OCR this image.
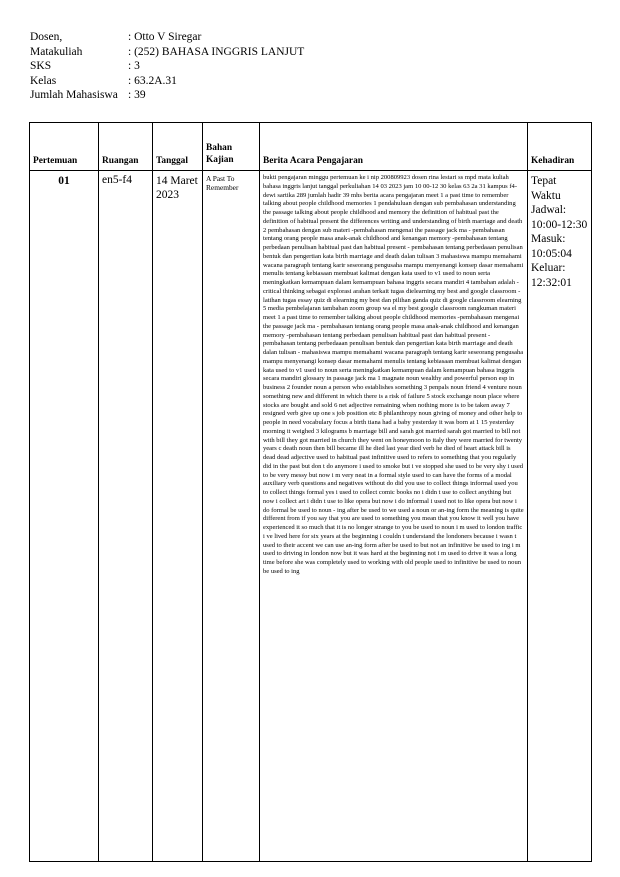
Dosen,	: Otto V Siregar
Matakuliah	: (252) BAHASA INGGRIS LANJUT
SKS	: 3
Kelas	: 63.2A.31
Jumlah Mahasiswa : 39
Pertemuan	Ruangan	Tanggal	Bahan Kajian	Berita Acara Pengajaran	Kehadiran
01	en5-f4	14 Maret 2023	A Past To Remember	bukti pengajaran minggu pertemuan ke i nip 200809923 dosen rina lestari ss mpd mata kuliah bahasa inggris lanjut tanggal perkuliahan 14 03 2023 jam 10 00-12 30 kelas 63 2a 31 kampus f4-dewi sartika 289 jumlah hadir 39 mhs berita acara pengajaran meet 1 a past time to remember talking about people childhood memories 1 pendahuluan dengan sub pembahasan understanding the passage talking about people childhood and memory the definition of habitual past the definition of habitual present the differences writing and understanding of birth marriage and death 2 pembahasan dengan sub materi -pembahasan mengenai the passage jack ma - pembahasan tentang orang people masa anak-anak childhood and kenangan memory -pembahasan tentang perbedaan penulisan habitual past dan habitual present - pembahasan tentang perbedaaan penulisan bentuk dan pengertian kata birth marriage and death dalan tulisan 3 mahasiswa mampu memahami wacana paragraph tentang karir seseorang pengusaha mampu menyenangi konsep dasar memahami menulis tentang kebiasaan membuat kalimat dengan kata used to v1 used to noun serta meningkatkan kemampuan dalam kemampuan bahasa inggris secara mandiri 4 tambahan adalah -critical thinking sebagai explorasi arahan terkait tugas dielearning my best and google classroom -latihan tugas essay quiz di elearning my best dan pilihan ganda quiz di google classroom elearning 5 media pembelajaran tambahan zoom group wa el my best google classroom rangkuman materi meet 1 a past time to remember talking about people childhood memories -pembahasan mengenai the passage jack ma - pembahasan tentang orang people masa anak-anak childhood and kenangan memory -pembahasan tentang perbedaan penulisan habitual past dan habitual present - pembahasan tentang perbedaaan penulisan bentuk dan pengertian kata birth marriage and death dalan tulisan - mahasiswa mampu memahami wacana paragraph tentang karir seseorang pengusaha mampu menyenangi konsep dasar memahami menulis tentang kebiasaan membuat kalimat dengan kata used to v1 used to noun serta meningkatkan kemampuan dalam kemampuan bahasa inggris secara mandiri glossary in passage jack ma 1 magnate noun wealthy and powerful person esp in business 2 founder noun a person who establishes something 3 penpals noun friend 4 venture noun something new and different in which there is a risk of failure 5 stock exchange noun place where stocks are bought and sold 6 net adjective remaining when nothing more is to be taken away 7 resigned verb give up one s job position etc 8 philanthropy noun giving of money and other help to people in need vocabulary focus a birth tiana had a baby yesterday it was born at 1 15 yesterday morning it weighed 3 kilograms b marriage bill and sarah got married sarah got married to bill not with bill they got married in church they went on honeymoon to italy they were married for twenty years c death noun then bill became ill he died last year died verb he died of heart attack bill is dead dead adjective used to habitual past infinitive used to refers to something that you regularly did in the past but don t do anymore i used to smoke but i ve stopped she used to be very shy i used to be very messy but now i m very neat in a formal style used to can have the forms of a modal auxiliary verb questions and negatives without do did you use to collect things informal used you to collect things formal yes i used to collect comic books no i didn t use to collect anything but now i collect art i didn t use to like opera but now i do informal i used not to like opera but now i do formal be used to noun - ing after be used to we used a noun or an-ing form the meaning is quite different from if you say that you are used to something you mean that you know it well you have experienced it so much that it is no longer strange to you be used to noun i m used to london traffic i ve lived here for six years at the beginning i couldn t understand the londoners because i wasn t used to their accent we can use an-ing form after be used to but not an infinitive be used to ing i m used to driving in london now but it was hard at the beginning not i m used to drive it was a long time before she was completely used to working with old people used to infinitive be used to noun be used to ing	Tepat Waktu Jadwal: 10:00-12:30 Masuk: 10:05:04 Keluar: 12:32:01
